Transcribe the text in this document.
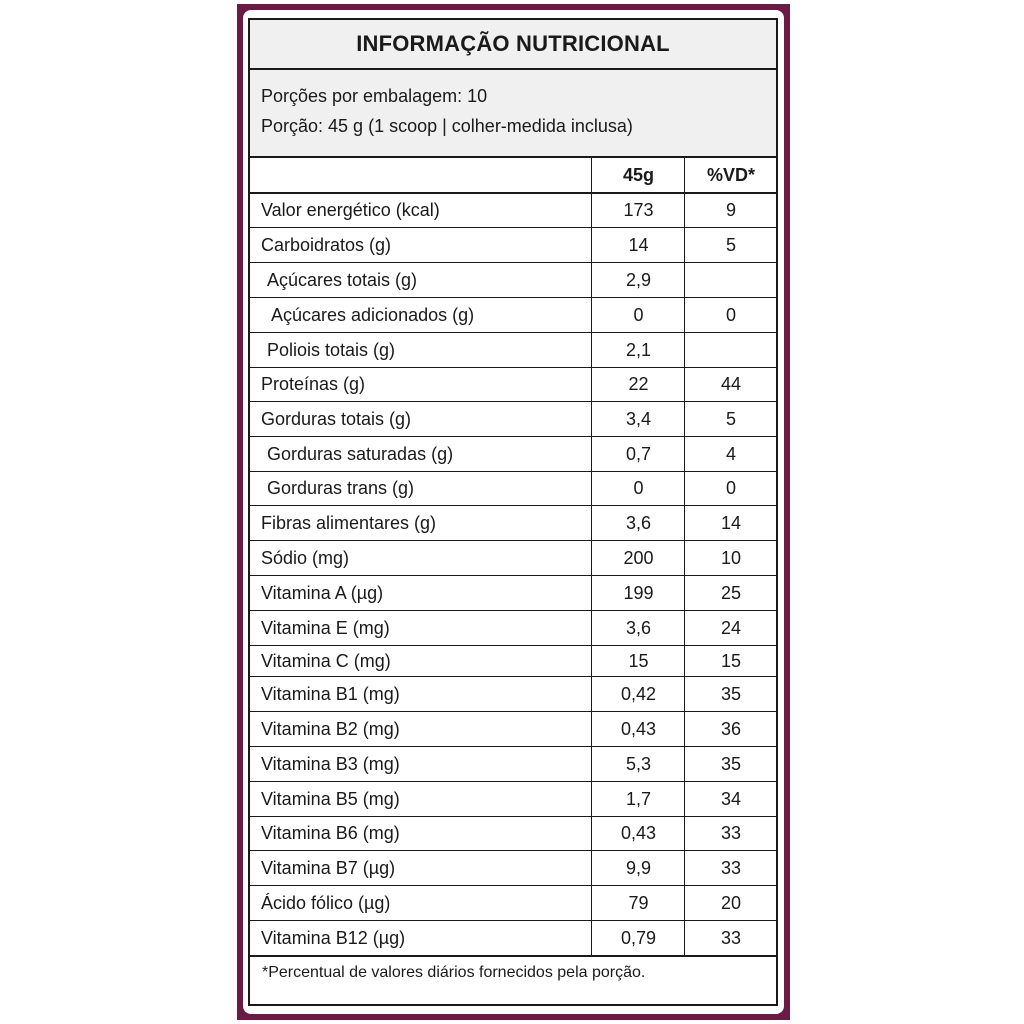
INFORMAÇÃO NUTRICIONAL
Porções por embalagem: 10
Porção: 45 g (1 scoop | colher-medida inclusa)
45g	%VD*
Valor energético (kcal)	173	9
Carboidratos (g)	14	5
Açúcares totais (g)	2,9
Açúcares adicionados (g)	0	0
Poliois totais (g)	2,1
Proteínas (g)	22	44
Gorduras totais (g)	3,4	5
Gorduras saturadas (g)	0,7	4
Gorduras trans (g)	0	0
Fibras alimentares (g)	3,6	14
Sódio (mg)	200	10
Vitamina A (µg)	199	25
Vitamina E (mg)	3,6	24
Vitamina C (mg)	15	15
Vitamina B1 (mg)	0,42	35
Vitamina B2 (mg)	0,43	36
Vitamina B3 (mg)	5,3	35
Vitamina B5 (mg)	1,7	34
Vitamina B6 (mg)	0,43	33
Vitamina B7 (µg)	9,9	33
Ácido fólico (µg)	79	20
Vitamina B12 (µg)	0,79	33
*Percentual de valores diários fornecidos pela porção.
